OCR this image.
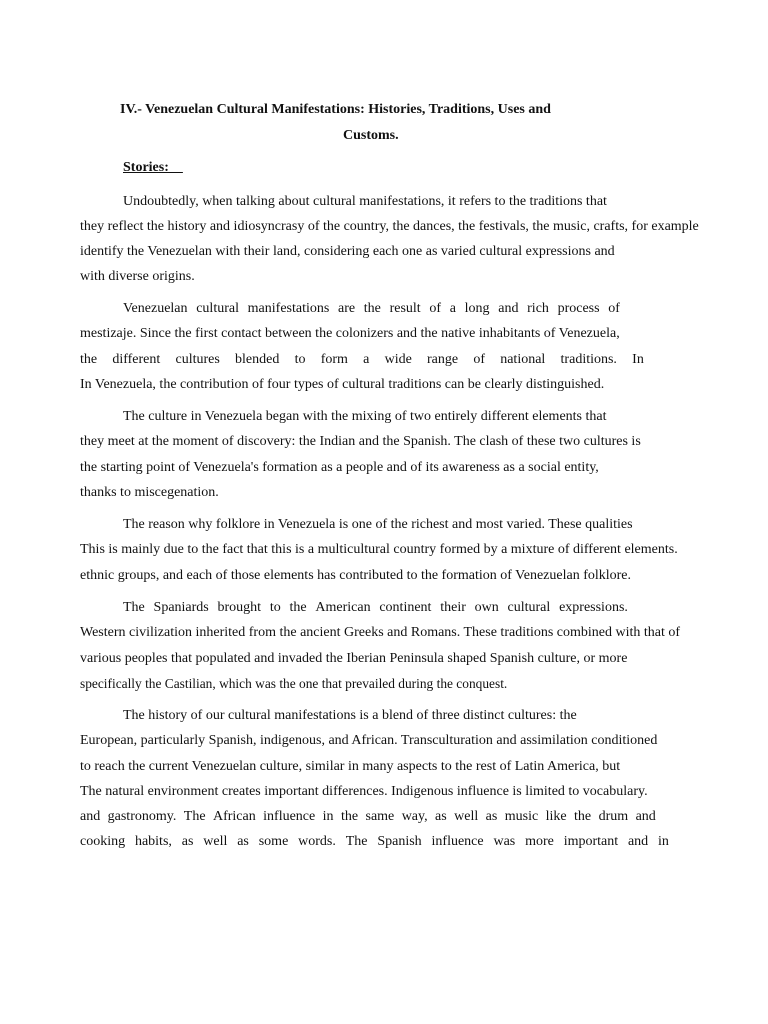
IV.- Venezuelan Cultural Manifestations: Histories, Traditions, Uses and
Customs.
Stories:
Undoubtedly, when talking about cultural manifestations, it refers to the traditions that
they reflect the history and idiosyncrasy of the country, the dances, the festivals, the music, crafts, for example
identify the Venezuelan with their land, considering each one as varied cultural expressions and
with diverse origins.
Venezuelan cultural manifestations are the result of a long and rich process of
mestizaje. Since the first contact between the colonizers and the native inhabitants of Venezuela,
the different cultures blended to form a wide range of national traditions. In
In Venezuela, the contribution of four types of cultural traditions can be clearly distinguished.
The culture in Venezuela began with the mixing of two entirely different elements that
they meet at the moment of discovery: the Indian and the Spanish. The clash of these two cultures is
the starting point of Venezuela's formation as a people and of its awareness as a social entity,
thanks to miscegenation.
The reason why folklore in Venezuela is one of the richest and most varied. These qualities
This is mainly due to the fact that this is a multicultural country formed by a mixture of different elements.
ethnic groups, and each of those elements has contributed to the formation of Venezuelan folklore.
The Spaniards brought to the American continent their own cultural expressions.
Western civilization inherited from the ancient Greeks and Romans. These traditions combined with that of
various peoples that populated and invaded the Iberian Peninsula shaped Spanish culture, or more
specifically the Castilian, which was the one that prevailed during the conquest.
The history of our cultural manifestations is a blend of three distinct cultures: the
European, particularly Spanish, indigenous, and African. Transculturation and assimilation conditioned
to reach the current Venezuelan culture, similar in many aspects to the rest of Latin America, but
The natural environment creates important differences. Indigenous influence is limited to vocabulary.
and gastronomy. The African influence in the same way, as well as music like the drum and
cooking habits, as well as some words. The Spanish influence was more important and in
